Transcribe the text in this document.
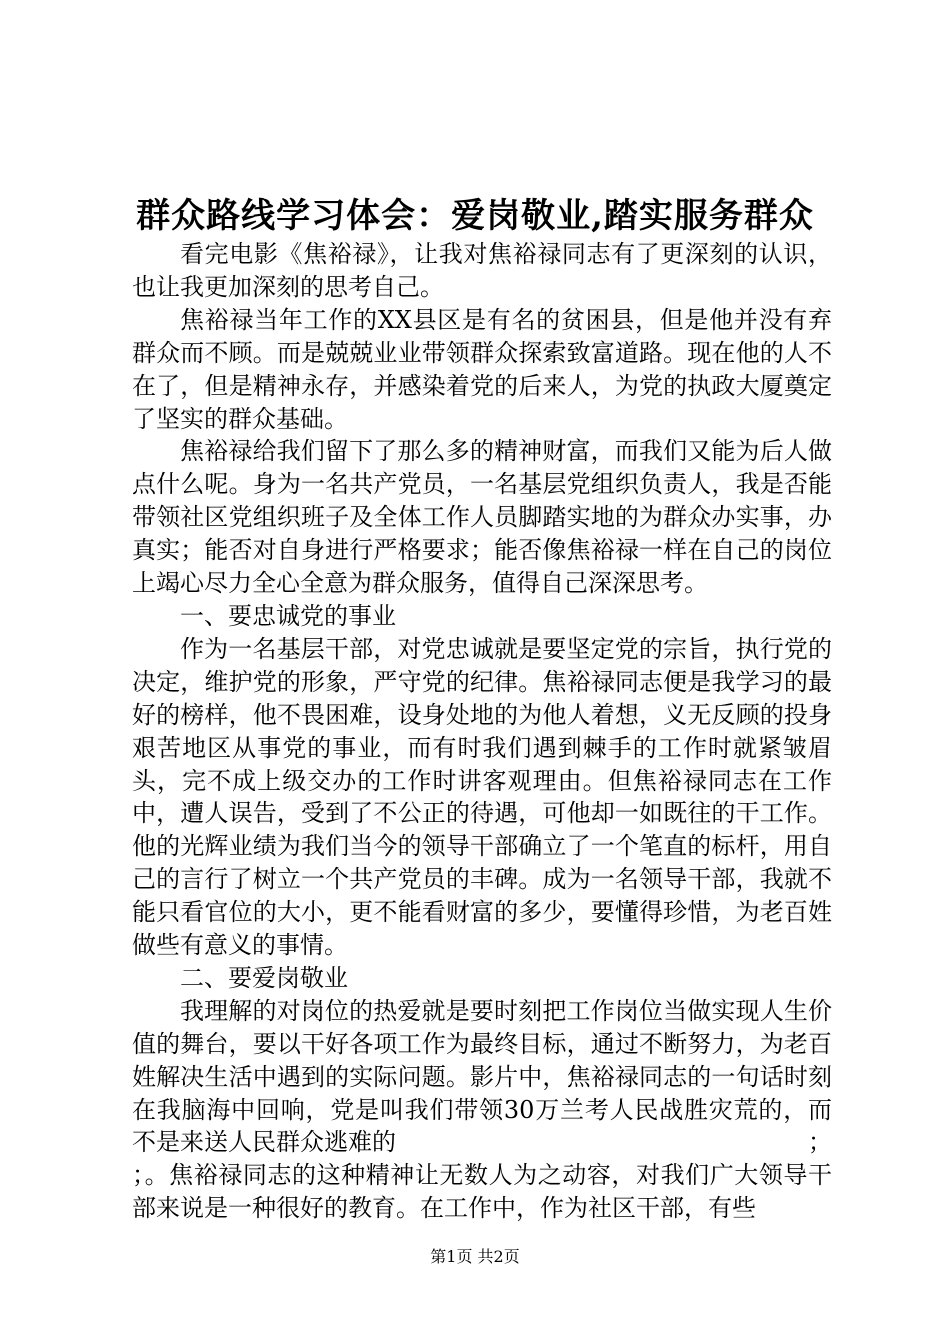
群众路线学习体会：爱岗敬业,踏实服务群众

看完电影《焦裕禄》，让我对焦裕禄同志有了更深刻的认识，也让我更加深刻的思考自己。

焦裕禄当年工作的XX县区是有名的贫困县，但是他并没有弃群众而不顾。而是兢兢业业带领群众探索致富道路。现在他的人不在了，但是精神永存，并感染着党的后来人，为党的执政大厦奠定了坚实的群众基础。

焦裕禄给我们留下了那么多的精神财富，而我们又能为后人做点什么呢。身为一名共产党员，一名基层党组织负责人，我是否能带领社区党组织班子及全体工作人员脚踏实地的为群众办实事，办真实；能否对自身进行严格要求；能否像焦裕禄一样在自己的岗位上竭心尽力全心全意为群众服务，值得自己深深思考。

一、要忠诚党的事业

作为一名基层干部，对党忠诚就是要坚定党的宗旨，执行党的决定，维护党的形象，严守党的纪律。焦裕禄同志便是我学习的最好的榜样，他不畏困难，设身处地的为他人着想，义无反顾的投身艰苦地区从事党的事业，而有时我们遇到棘手的工作时就紧皱眉头，完不成上级交办的工作时讲客观理由。但焦裕禄同志在工作中，遭人误告，受到了不公正的待遇，可他却一如既往的干工作。他的光辉业绩为我们当今的领导干部确立了一个笔直的标杆，用自己的言行了树立一个共产党员的丰碑。成为一名领导干部，我就不能只看官位的大小，更不能看财富的多少，要懂得珍惜，为老百姓做些有意义的事情。

二、要爱岗敬业

我理解的对岗位的热爱就是要时刻把工作岗位当做实现人生价值的舞台，要以干好各项工作为最终目标，通过不断努力，为老百姓解决生活中遇到的实际问题。影片中，焦裕禄同志的一句话时刻在我脑海中回响，党是叫我们带领30万兰考人民战胜灾荒的，而不是来送人民群众逃难的	；

；。焦裕禄同志的这种精神让无数人为之动容，对我们广大领导干部来说是一种很好的教育。在工作中，作为社区干部，有些

第1页 共2页
